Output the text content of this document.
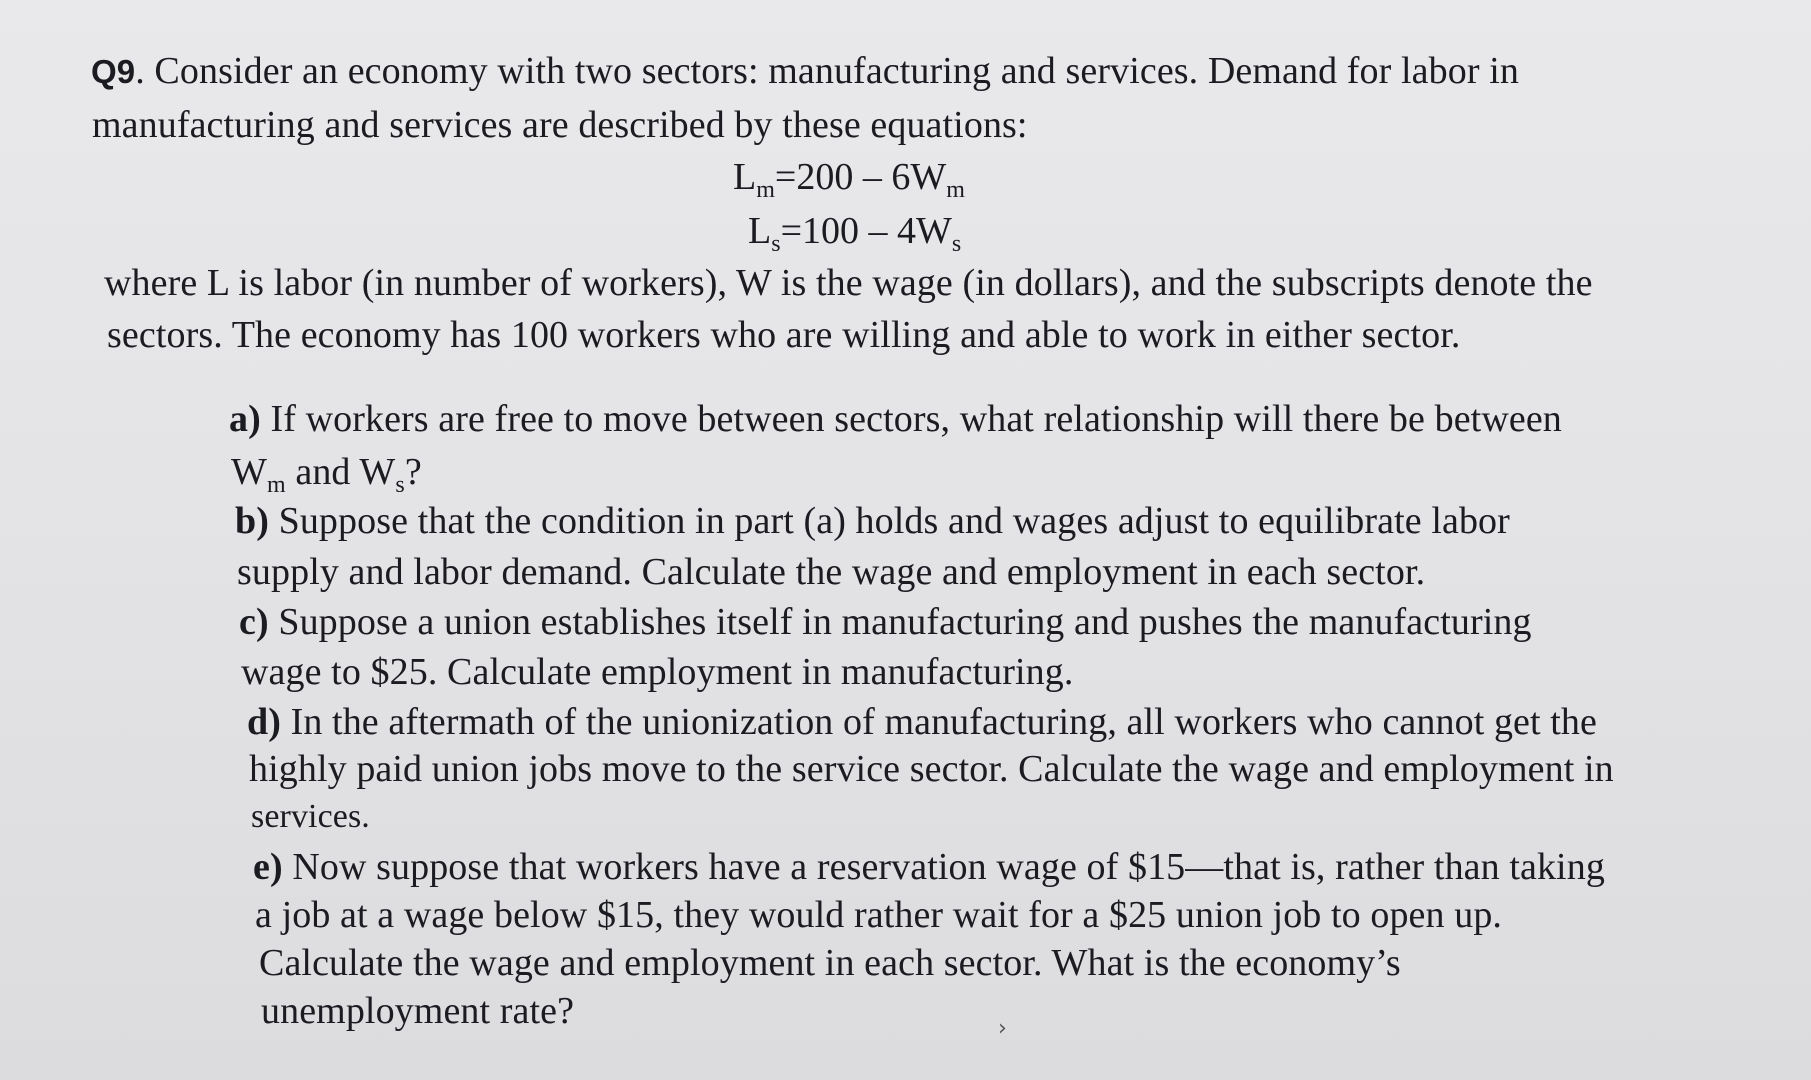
Q9. Consider an economy with two sectors: manufacturing and services. Demand for labor in
manufacturing and services are described by these equations:
$L_m=200 - 6W_m$
$L_s=100 - 4W_s$
where L is labor (in number of workers), W is the wage (in dollars), and the subscripts denote the
sectors. The economy has 100 workers who are willing and able to work in either sector.
a) If workers are free to move between sectors, what relationship will there be between
$W_m$ and $W_s$?
b) Suppose that the condition in part (a) holds and wages adjust to equilibrate labor
supply and labor demand. Calculate the wage and employment in each sector.
c) Suppose a union establishes itself in manufacturing and pushes the manufacturing
wage to $25. Calculate employment in manufacturing.
d) In the aftermath of the unionization of manufacturing, all workers who cannot get the
highly paid union jobs move to the service sector. Calculate the wage and employment in
services.
e) Now suppose that workers have a reservation wage of $15—that is, rather than taking
a job at a wage below $15, they would rather wait for a $25 union job to open up.
Calculate the wage and employment in each sector. What is the economy’s
unemployment rate?	›
